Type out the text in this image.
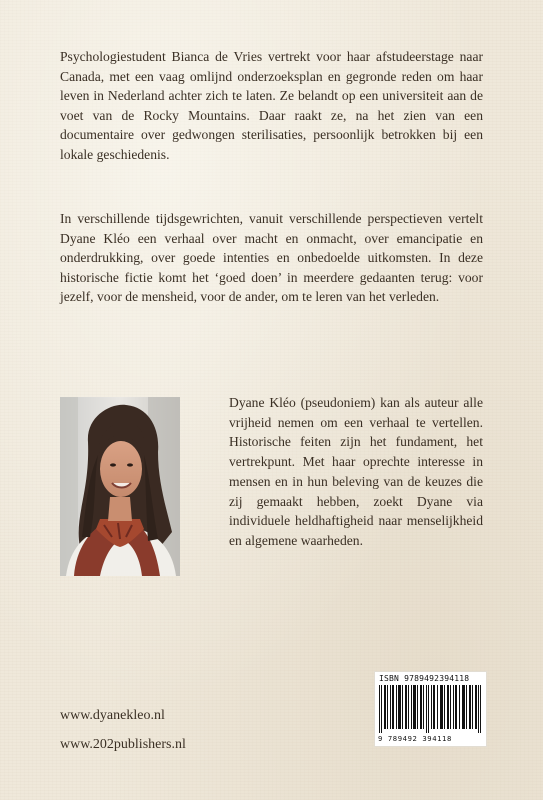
Psychologiestudent Bianca de Vries vertrekt voor haar afstudeerstage naar Canada, met een vaag omlijnd onderzoeksplan en gegronde reden om haar leven in Nederland achter zich te laten. Ze belandt op een universiteit aan de voet van de Rocky Mountains. Daar raakt ze, na het zien van een documentaire over gedwongen sterilisaties, persoonlijk betrokken bij een lokale geschiedenis.

In verschillende tijdsgewrichten, vanuit verschillende perspectieven vertelt Dyane Kléo een verhaal over macht en onmacht, over emancipatie en onderdrukking, over goede intenties en onbedoelde uitkomsten. In deze historische fictie komt het ‘goed doen’ in meerdere gedaanten terug: voor jezelf, voor de mensheid, voor de ander, om te leren van het verleden.

Dyane Kléo (pseudoniem) kan als auteur alle vrijheid nemen om een verhaal te vertellen. Historische feiten zijn het fundament, het vertrekpunt. Met haar oprechte interesse in mensen en in hun beleving van de keuzes die zij gemaakt hebben, zoekt Dyane via individuele heldhaftigheid naar menselijkheid en algemene waarheden.

ISBN 9789492394118
9 789492 394118
www.dyanekleo.nl
www.202publishers.nl
